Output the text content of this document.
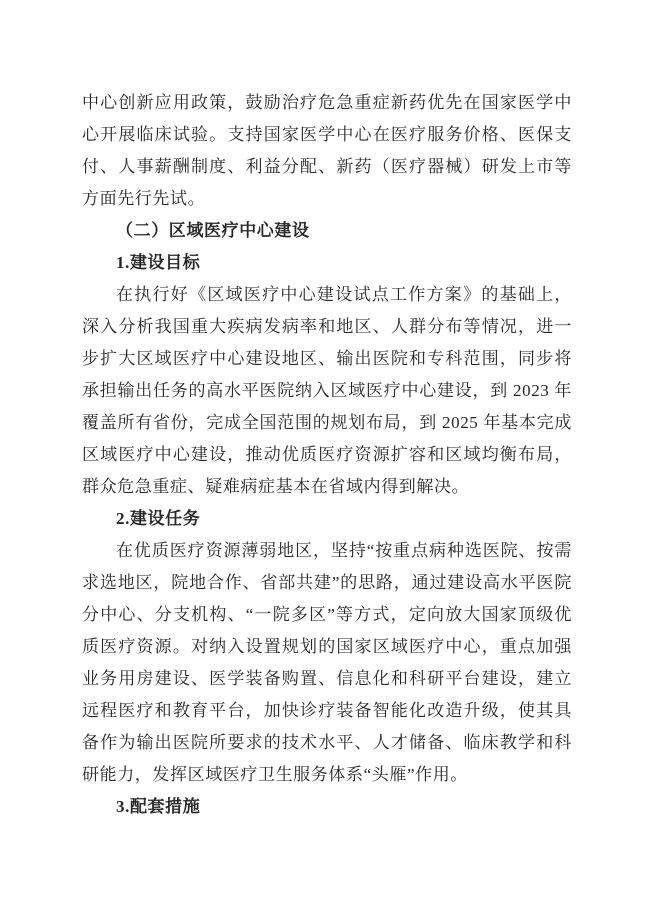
中心创新应用政策，鼓励治疗危急重症新药优先在国家医学中心开展临床试验。支持国家医学中心在医疗服务价格、医保支付、人事薪酬制度、利益分配、新药（医疗器械）研发上市等方面先行先试。

（二）区域医疗中心建设

1.建设目标

在执行好《区域医疗中心建设试点工作方案》的基础上，深入分析我国重大疾病发病率和地区、人群分布等情况，进一步扩大区域医疗中心建设地区、输出医院和专科范围，同步将承担输出任务的高水平医院纳入区域医疗中心建设，到 2023 年覆盖所有省份，完成全国范围的规划布局，到 2025 年基本完成区域医疗中心建设，推动优质医疗资源扩容和区域均衡布局，群众危急重症、疑难病症基本在省域内得到解决。

2.建设任务

在优质医疗资源薄弱地区，坚持“按重点病种选医院、按需求选地区，院地合作、省部共建”的思路，通过建设高水平医院分中心、分支机构、“一院多区”等方式，定向放大国家顶级优质医疗资源。对纳入设置规划的国家区域医疗中心，重点加强业务用房建设、医学装备购置、信息化和科研平台建设，建立远程医疗和教育平台，加快诊疗装备智能化改造升级，使其具备作为输出医院所要求的技术水平、人才储备、临床教学和科研能力，发挥区域医疗卫生服务体系“头雁”作用。

3.配套措施
